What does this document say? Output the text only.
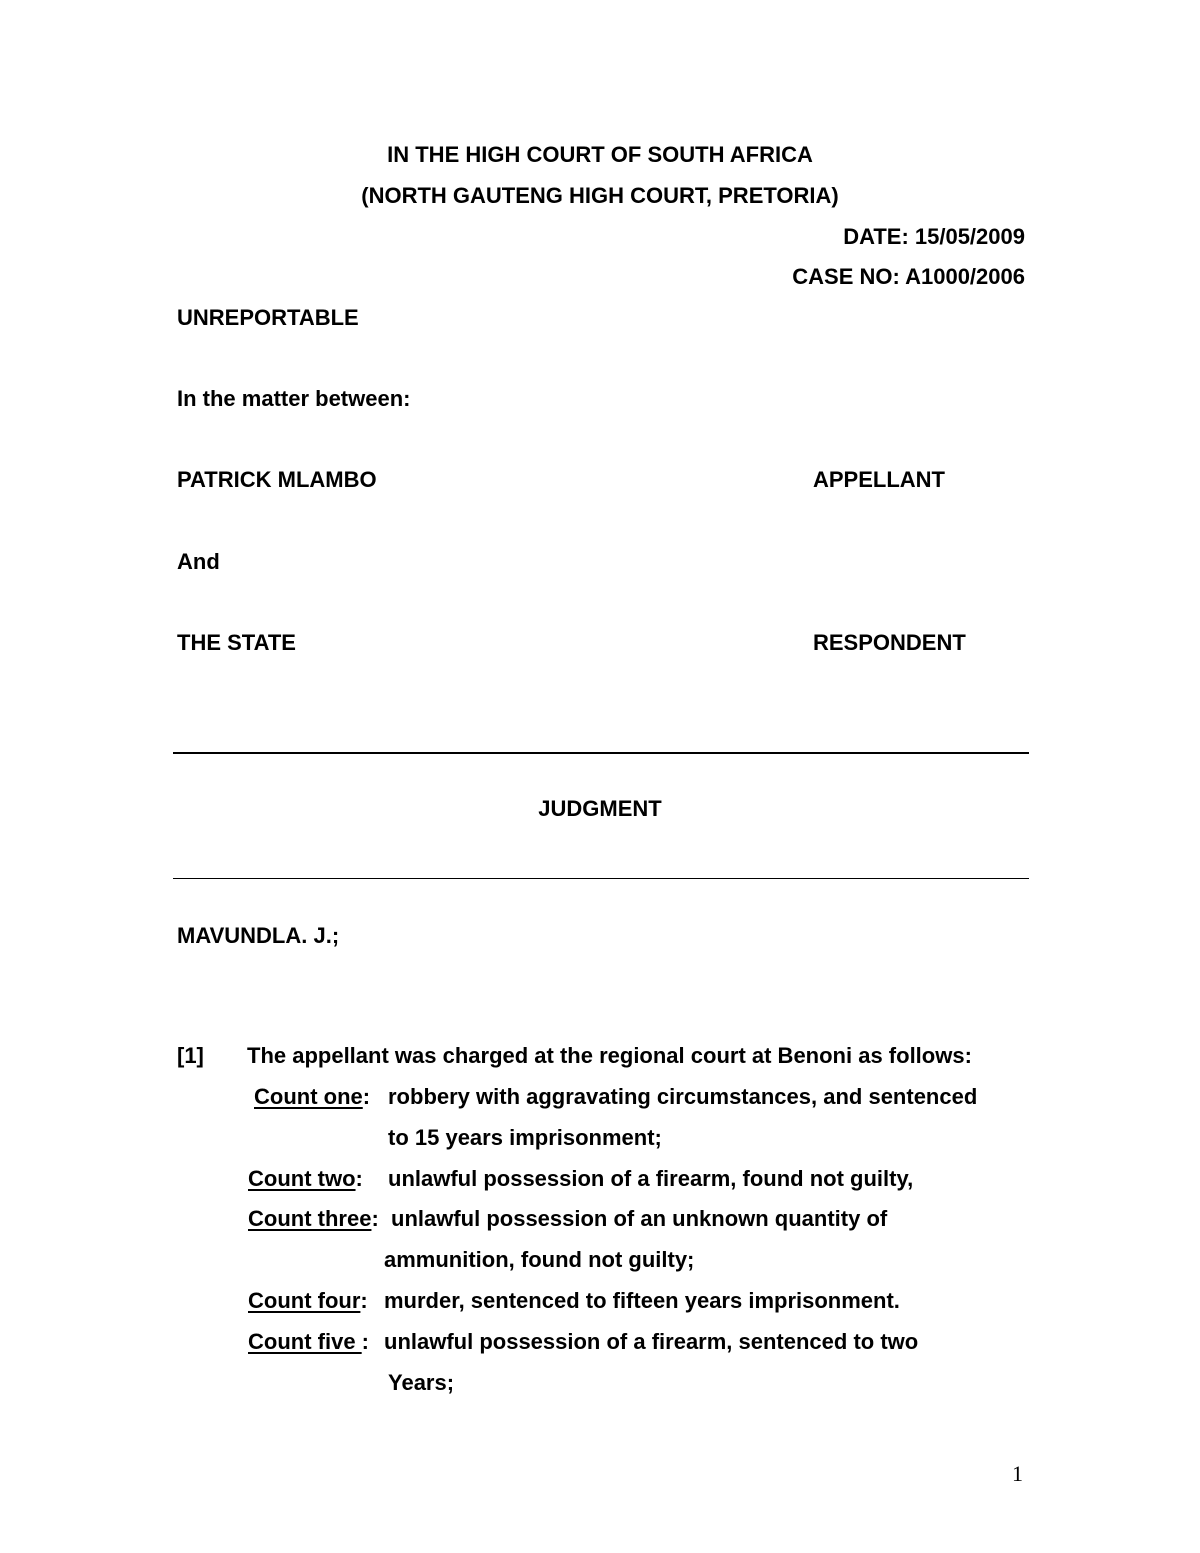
IN THE HIGH COURT OF SOUTH AFRICA
(NORTH GAUTENG HIGH COURT, PRETORIA)
DATE: 15/05/2009
CASE NO: A1000/2006
UNREPORTABLE
In the matter between:
PATRICK MLAMBO	APPELLANT
And
THE STATE	RESPONDENT
JUDGMENT
MAVUNDLA. J.;
[1] The appellant was charged at the regional court at Benoni as follows:
Count one: robbery with aggravating circumstances, and sentenced
to 15 years imprisonment;
Count two: unlawful possession of a firearm, found not guilty,
Count three: unlawful possession of an unknown quantity of
ammunition, found not guilty;
Count four: murder, sentenced to fifteen years imprisonment.
Count five : unlawful possession of a firearm, sentenced to two
Years;
1
